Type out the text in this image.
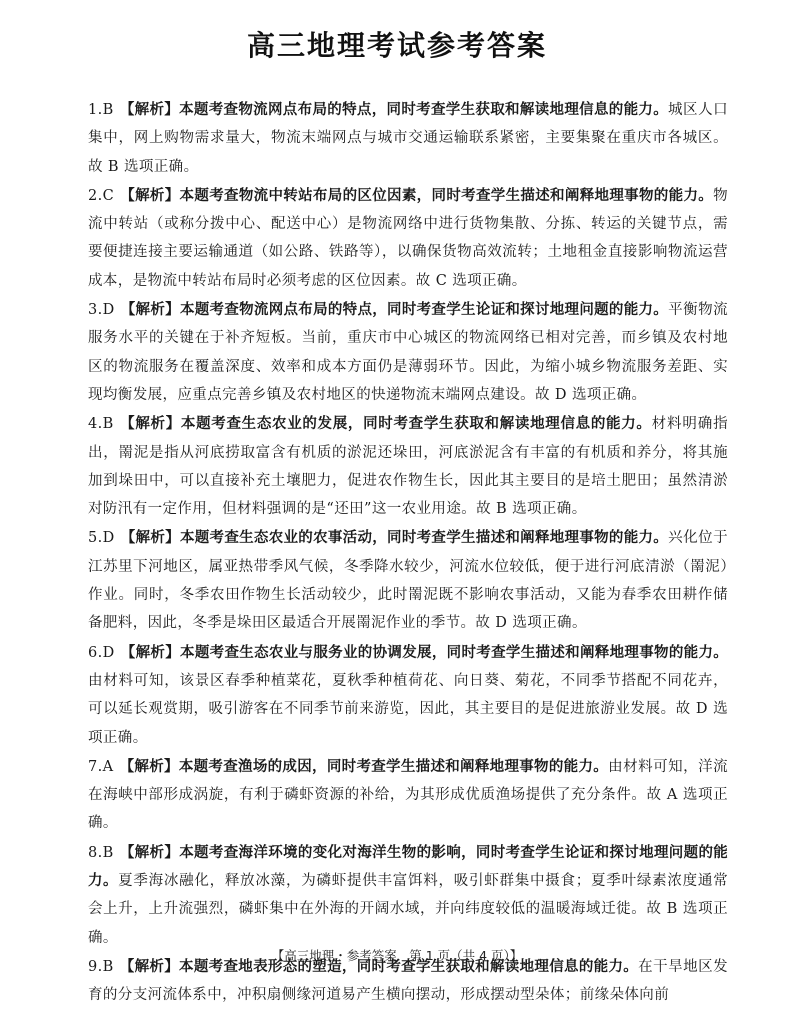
高三地理考试参考答案
1.B 【解析】本题考查物流网点布局的特点，同时考查学生获取和解读地理信息的能力。城区人口集中，网上购物需求量大，物流末端网点与城市交通运输联系紧密，主要集聚在重庆市各城区。故 B 选项正确。
2.C 【解析】本题考查物流中转站布局的区位因素，同时考查学生描述和阐释地理事物的能力。物流中转站（或称分拨中心、配送中心）是物流网络中进行货物集散、分拣、转运的关键节点，需要便捷连接主要运输通道（如公路、铁路等），以确保货物高效流转；土地租金直接影响物流运营成本，是物流中转站布局时必须考虑的区位因素。故 C 选项正确。
3.D 【解析】本题考查物流网点布局的特点，同时考查学生论证和探讨地理问题的能力。平衡物流服务水平的关键在于补齐短板。当前，重庆市中心城区的物流网络已相对完善，而乡镇及农村地区的物流服务在覆盖深度、效率和成本方面仍是薄弱环节。因此，为缩小城乡物流服务差距、实现均衡发展，应重点完善乡镇及农村地区的快递物流末端网点建设。故 D 选项正确。
4.B 【解析】本题考查生态农业的发展，同时考查学生获取和解读地理信息的能力。材料明确指出，罱泥是指从河底捞取富含有机质的淤泥还垛田，河底淤泥含有丰富的有机质和养分，将其施加到垛田中，可以直接补充土壤肥力，促进农作物生长，因此其主要目的是培土肥田；虽然清淤对防汛有一定作用，但材料强调的是“还田”这一农业用途。故 B 选项正确。
5.D 【解析】本题考查生态农业的农事活动，同时考查学生描述和阐释地理事物的能力。兴化位于江苏里下河地区，属亚热带季风气候，冬季降水较少，河流水位较低，便于进行河底清淤（罱泥）作业。同时，冬季农田作物生长活动较少，此时罱泥既不影响农事活动，又能为春季农田耕作储备肥料，因此，冬季是垛田区最适合开展罱泥作业的季节。故 D 选项正确。
6.D 【解析】本题考查生态农业与服务业的协调发展，同时考查学生描述和阐释地理事物的能力。由材料可知，该景区春季种植菜花，夏秋季种植荷花、向日葵、菊花，不同季节搭配不同花卉，可以延长观赏期，吸引游客在不同季节前来游览，因此，其主要目的是促进旅游业发展。故 D 选项正确。
7.A 【解析】本题考查渔场的成因，同时考查学生描述和阐释地理事物的能力。由材料可知，洋流在海峡中部形成涡旋，有利于磷虾资源的补给，为其形成优质渔场提供了充分条件。故 A 选项正确。
8.B 【解析】本题考查海洋环境的变化对海洋生物的影响，同时考查学生论证和探讨地理问题的能力。夏季海冰融化，释放冰藻，为磷虾提供丰富饵料，吸引虾群集中摄食；夏季叶绿素浓度通常会上升，上升流强烈，磷虾集中在外海的开阔水域，并向纬度较低的温暖海域迁徙。故 B 选项正确。
9.B 【解析】本题考查地表形态的塑造，同时考查学生获取和解读地理信息的能力。在干旱地区发育的分支河流体系中，冲积扇侧缘河道易产生横向摆动，形成摆动型朵体；前缘朵体向前
【高三地理・参考答案　第 1 页（共 4 页）】
